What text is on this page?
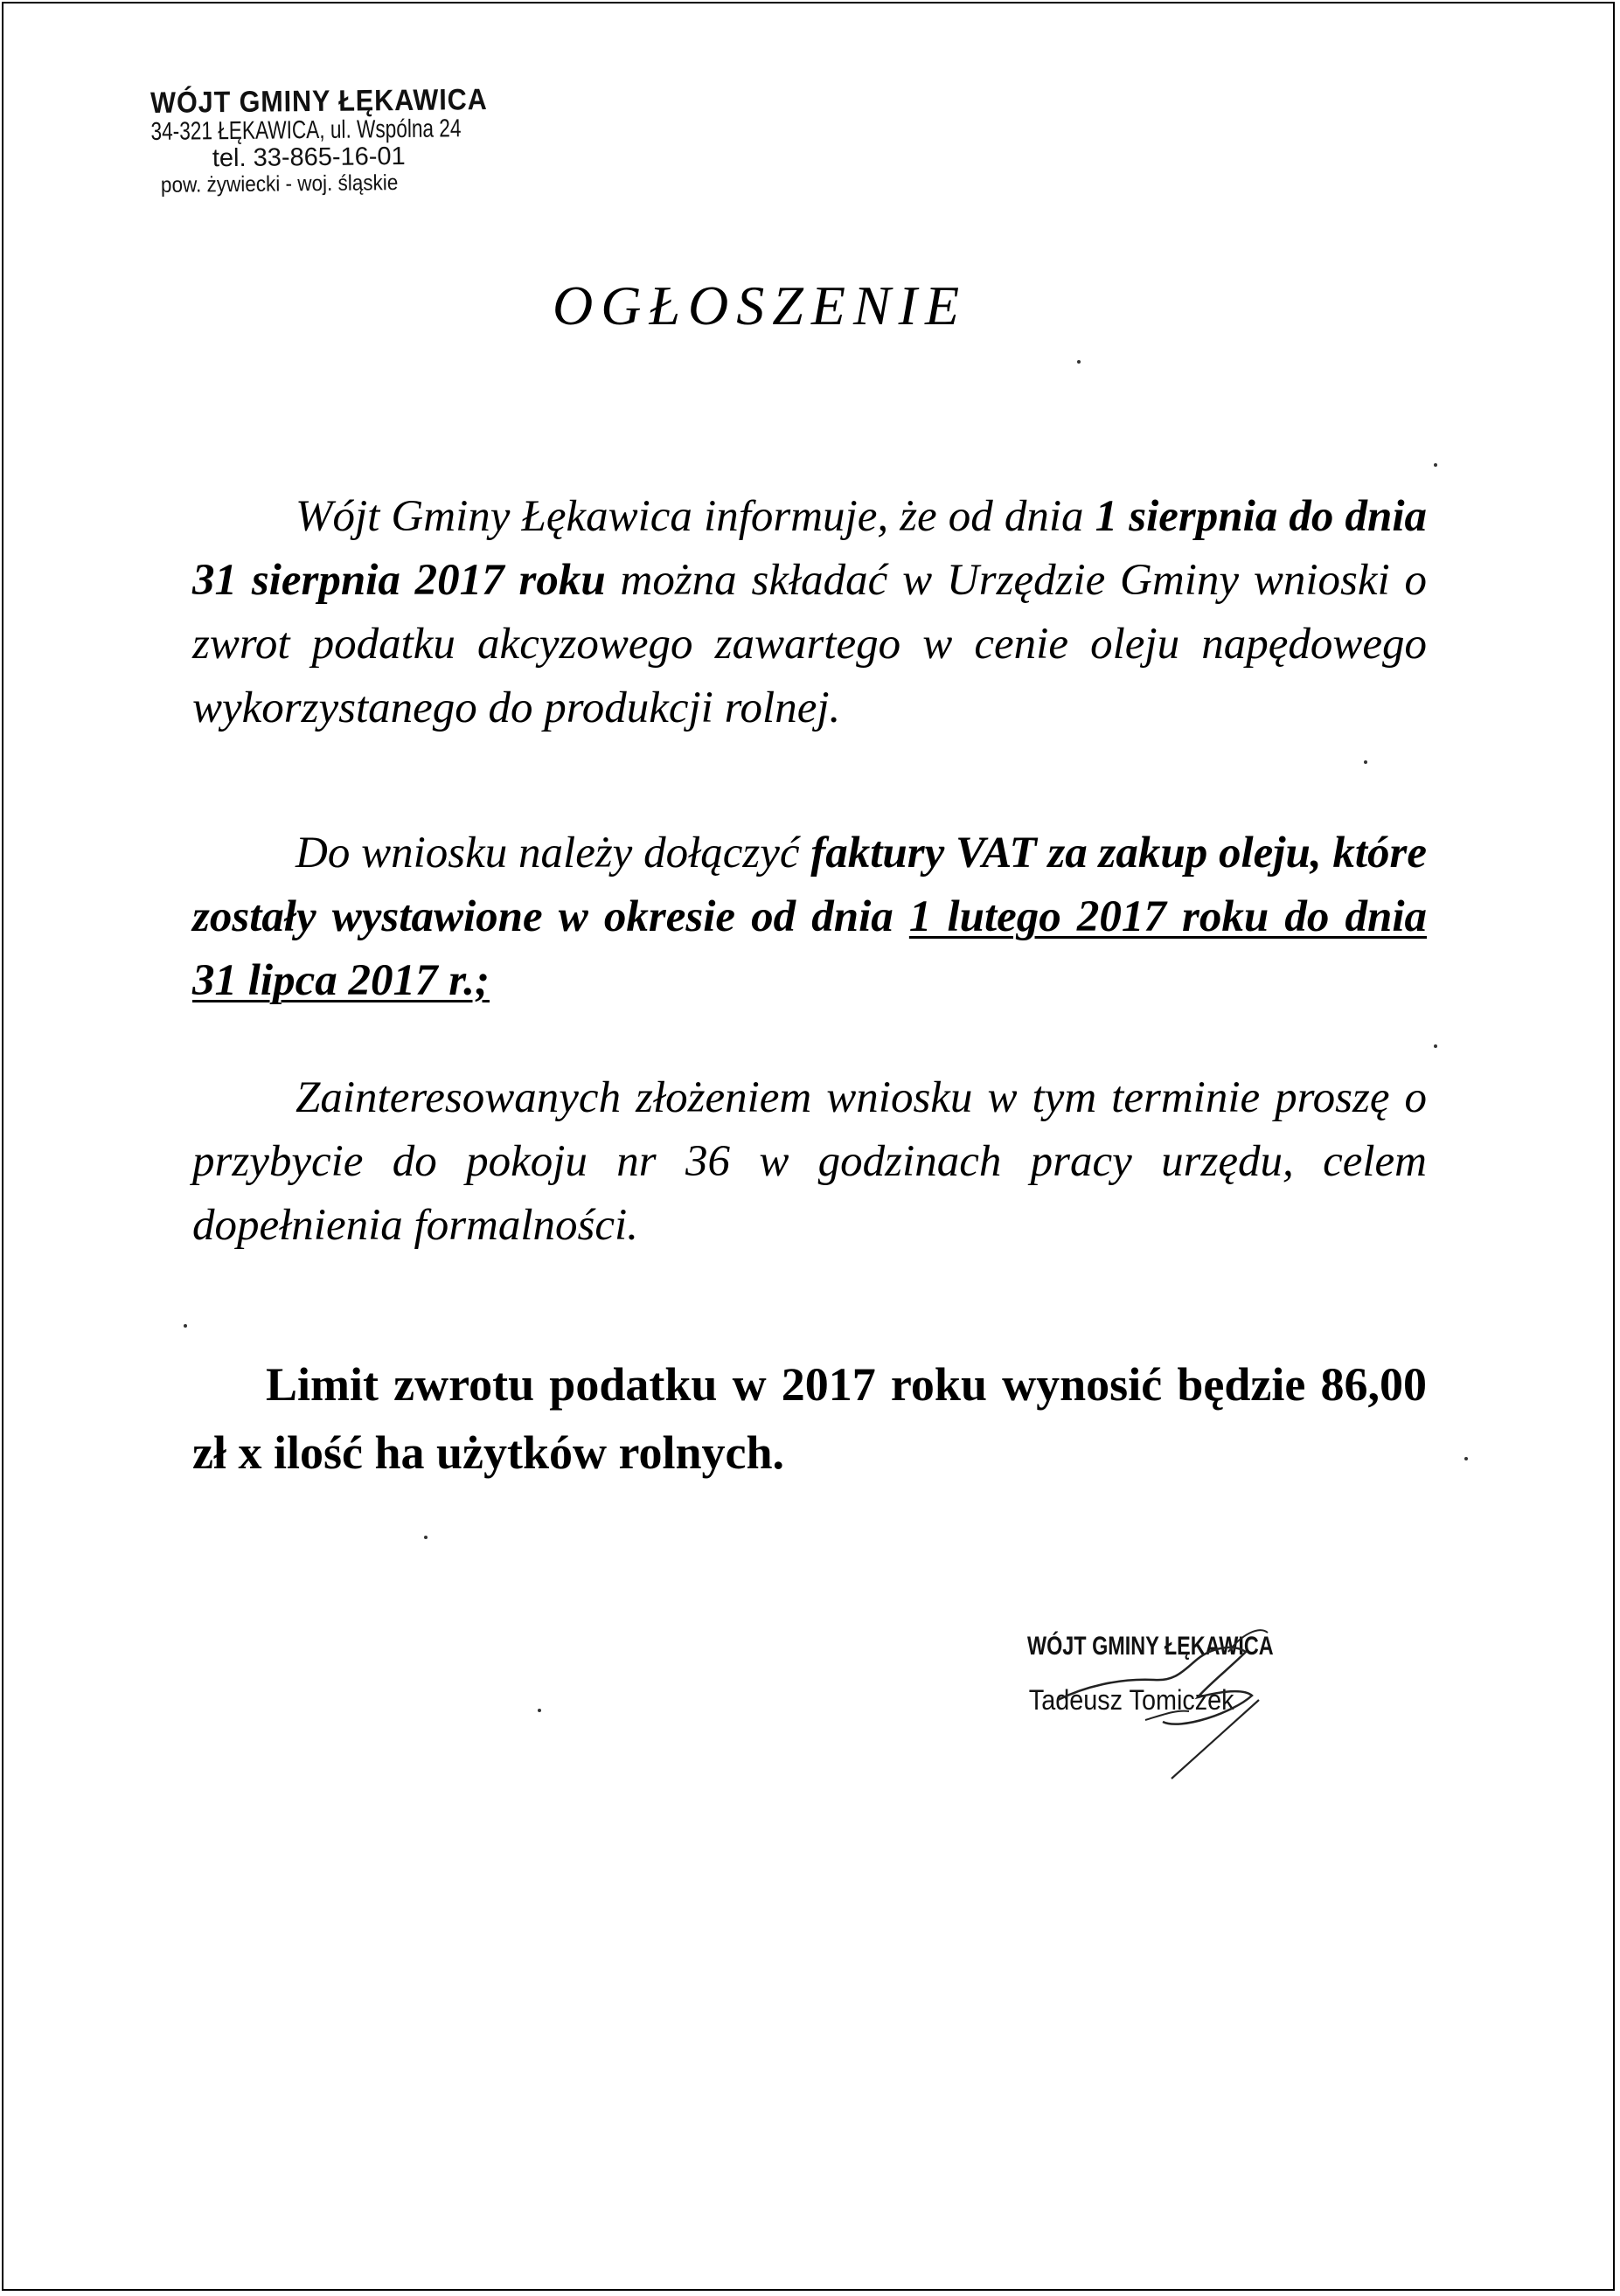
WÓJT GMINY ŁĘKAWICA
34-321 ŁĘKAWICA, ul. Wspólna 24
tel. 33-865-16-01
pow. żywiecki - woj. śląskie
OGŁOSZENIE
Wójt Gminy Łękawica informuje, że od dnia 1 sierpnia do dnia 31 sierpnia 2017 roku można składać w Urzędzie Gminy wnioski o zwrot podatku akcyzowego zawartego w cenie oleju napędowego wykorzystanego do produkcji rolnej.
Do wniosku należy dołączyć faktury VAT za zakup oleju, które zostały wystawione w okresie od dnia 1 lutego 2017 roku do dnia 31 lipca 2017 r.;
Zainteresowanych złożeniem wniosku w tym terminie proszę o przybycie do pokoju nr 36 w godzinach pracy urzędu, celem dopełnienia formalności.
Limit zwrotu podatku w 2017 roku wynosić będzie 86,00 zł x ilość ha użytków rolnych.
WÓJT GMINY ŁĘKAWICA
Tadeusz Tomiczek
